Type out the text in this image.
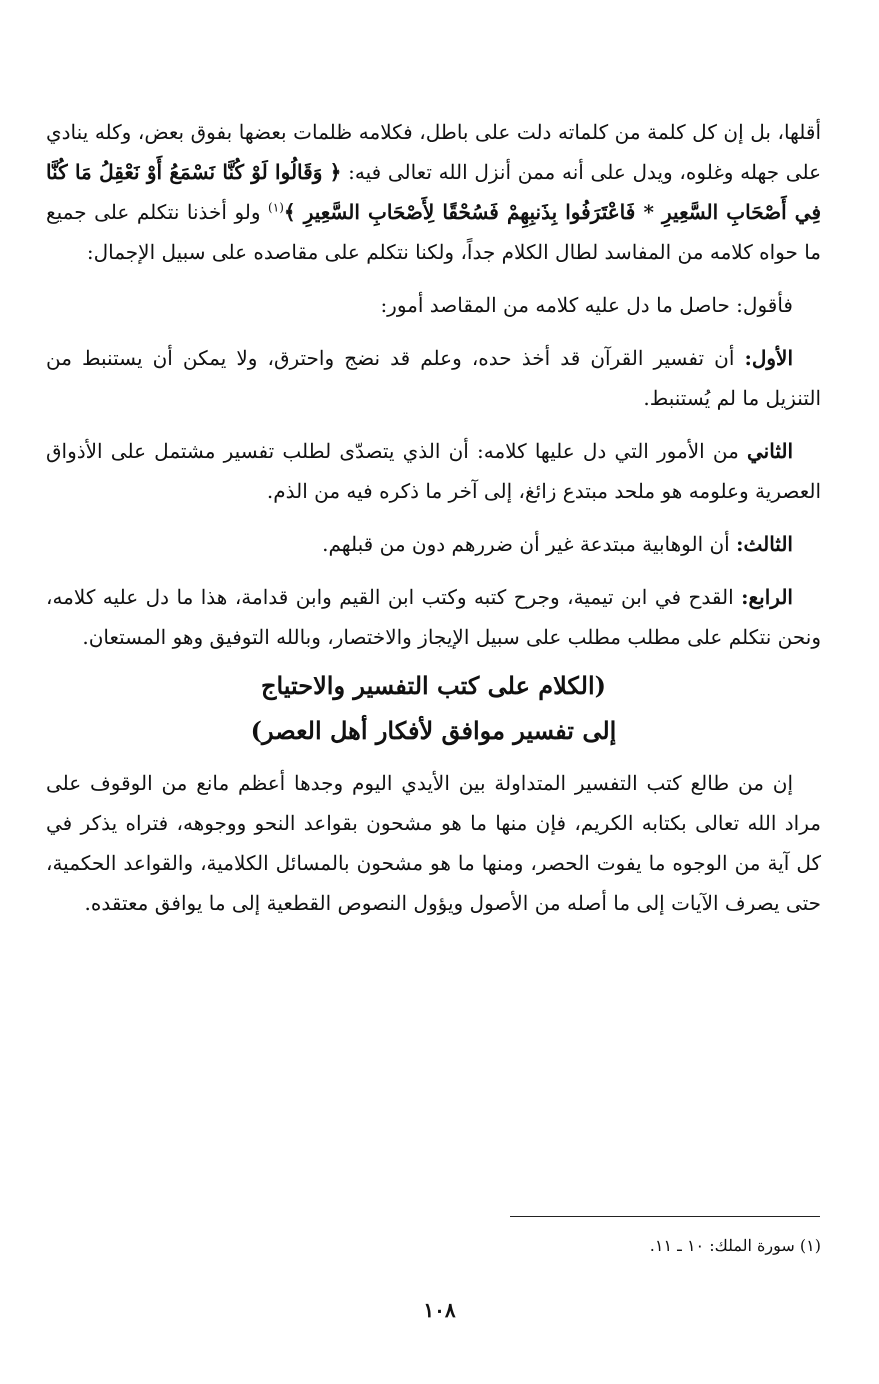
أقلها، بل إن كل كلمة من كلماته دلت على باطل، فكلامه ظلمات بعضها بفوق بعض، وكله ينادي على جهله وغلوه، ويدل على أنه ممن أنزل الله تعالى فيه: ﴿ وَقَالُوا لَوْ كُنَّا نَسْمَعُ أَوْ نَعْقِلُ مَا كُنَّا فِي أَصْحَابِ السَّعِيرِ * فَاعْتَرَفُوا بِذَنبِهِمْ فَسُحْقًا لِأَصْحَابِ السَّعِيرِ ﴾$^{(١)}$ ولو أخذنا نتكلم على جميع ما حواه كلامه من المفاسد لطال الكلام جداً، ولكنا نتكلم على مقاصده على سبيل الإجمال:

فأقول: حاصل ما دل عليه كلامه من المقاصد أمور:

الأول: أن تفسير القرآن قد أخذ حده، وعلم قد نضج واحترق، ولا يمكن أن يستنبط من التنزيل ما لم يُستنبط.

الثاني من الأمور التي دل عليها كلامه: أن الذي يتصدّى لطلب تفسير مشتمل على الأذواق العصرية وعلومه هو ملحد مبتدع زائغ، إلى آخر ما ذكره فيه من الذم.

الثالث: أن الوهابية مبتدعة غير أن ضررهم دون من قبلهم.

الرابع: القدح في ابن تيمية، وجرح كتبه وكتب ابن القيم وابن قدامة، هذا ما دل عليه كلامه، ونحن نتكلم على مطلب مطلب على سبيل الإيجاز والاختصار، وبالله التوفيق وهو المستعان.

(الكلام على كتب التفسير والاحتياج
إلى تفسير موافق لأفكار أهل العصر)

إن من طالع كتب التفسير المتداولة بين الأيدي اليوم وجدها أعظم مانع من الوقوف على مراد الله تعالى بكتابه الكريم، فإن منها ما هو مشحون بقواعد النحو ووجوهه، فتراه يذكر في كل آية من الوجوه ما يفوت الحصر، ومنها ما هو مشحون بالمسائل الكلامية، والقواعد الحكمية، حتى يصرف الآيات إلى ما أصله من الأصول ويؤول النصوص القطعية إلى ما يوافق معتقده.

(١) سورة الملك: ١٠ ـ ١١.
١٠٨
